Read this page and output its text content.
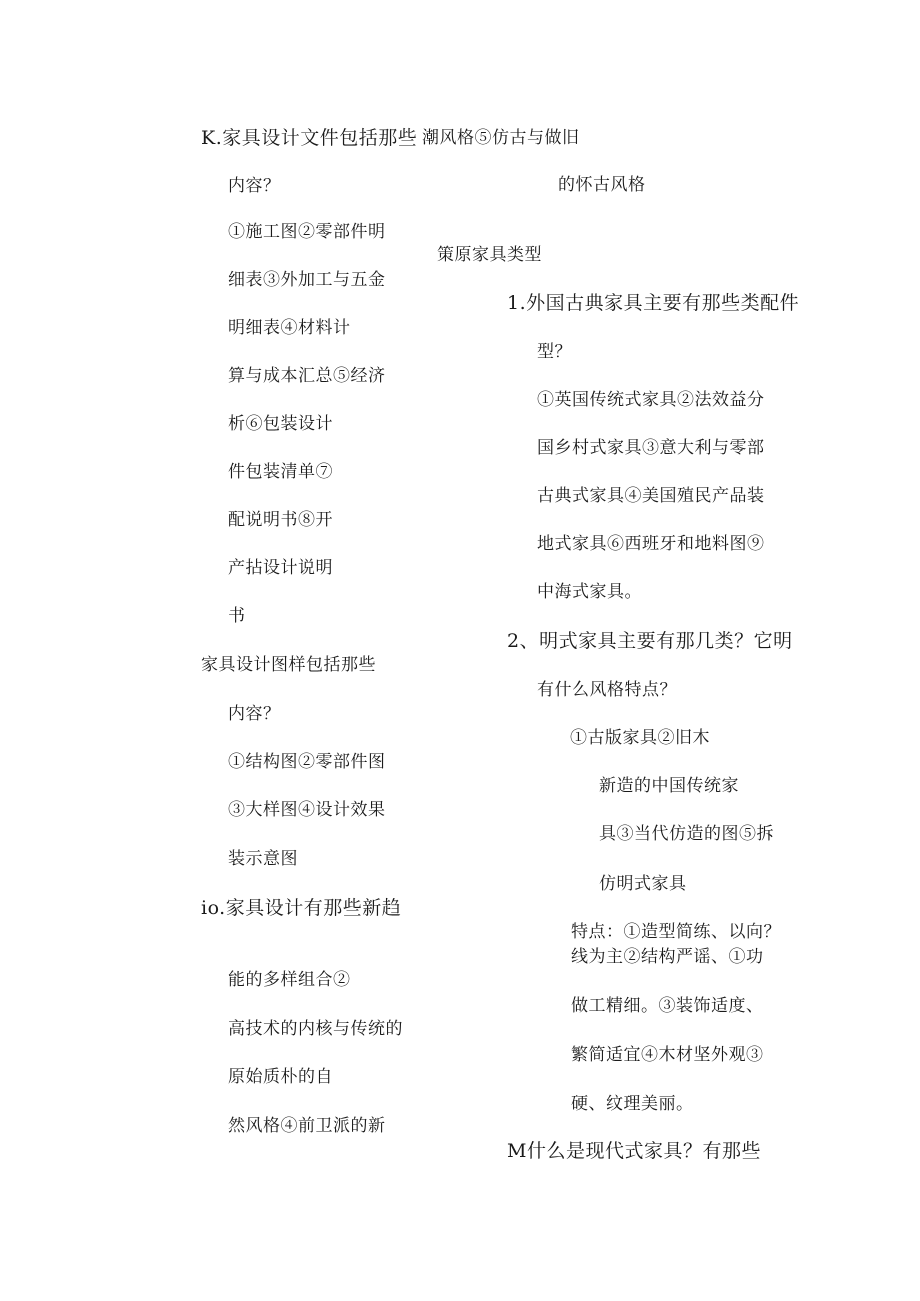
K.家具设计文件包括那些
内容？
①施工图②零部件明
细表③外加工与五金
明细表④材料计
算与成本汇总⑤经济
析⑥包装设计
件包装清单⑦
配说明书⑧开
产拈设计说明
书
家具设计图样包括那些
内容？
①结构图②零部件图
③大样图④设计效果
装示意图
io.家具设计有那些新趋
能的多样组合②
高技术的内核与传统的
原始质朴的自
然风格④前卫派的新
潮风格⑤仿古与做旧
的怀古风格
策原家具类型
1.外国古典家具主要有那些类配件
型？
①英国传统式家具②法效益分
国乡村式家具③意大利与零部
古典式家具④美国殖民产品装
地式家具⑥西班牙和地料图⑨
中海式家具。
2、明式家具主要有那几类？它明
有什么风格特点？
①古版家具②旧木
新造的中国传统家
具③当代仿造的图⑤拆
仿明式家具
特点：①造型简练、以向？
线为主②结构严谣、①功
做工精细。③装饰适度、
繁简适宜④木材坚外观③
硬、纹理美丽。
M什么是现代式家具？有那些
